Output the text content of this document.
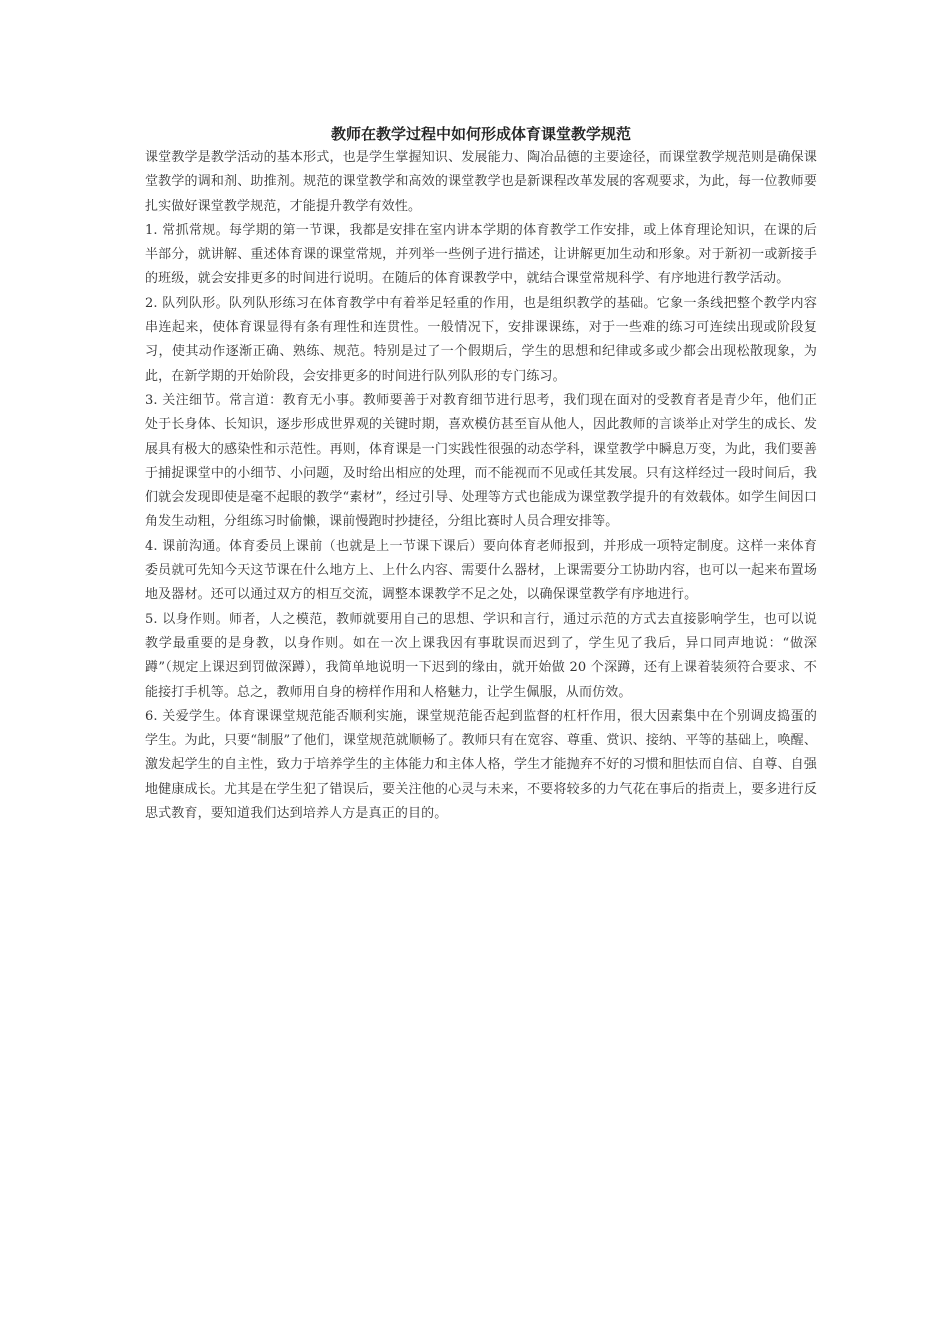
教师在教学过程中如何形成体育课堂教学规范

课堂教学是教学活动的基本形式，也是学生掌握知识、发展能力、陶冶品德的主要途径，而课堂教学规范则是确保课堂教学的调和剂、助推剂。规范的课堂教学和高效的课堂教学也是新课程改革发展的客观要求，为此，每一位教师要扎实做好课堂教学规范，才能提升教学有效性。

1. 常抓常规。每学期的第一节课，我都是安排在室内讲本学期的体育教学工作安排，或上体育理论知识，在课的后半部分，就讲解、重述体育课的课堂常规，并列举一些例子进行描述，让讲解更加生动和形象。对于新初一或新接手的班级，就会安排更多的时间进行说明。在随后的体育课教学中，就结合课堂常规科学、有序地进行教学活动。

2. 队列队形。队列队形练习在体育教学中有着举足轻重的作用，也是组织教学的基础。它象一条线把整个教学内容串连起来，使体育课显得有条有理性和连贯性。一般情况下，安排课课练，对于一些难的练习可连续出现或阶段复习，使其动作逐渐正确、熟练、规范。特别是过了一个假期后，学生的思想和纪律或多或少都会出现松散现象，为此，在新学期的开始阶段，会安排更多的时间进行队列队形的专门练习。

3. 关注细节。常言道：教育无小事。教师要善于对教育细节进行思考，我们现在面对的受教育者是青少年，他们正处于长身体、长知识，逐步形成世界观的关键时期，喜欢模仿甚至盲从他人，因此教师的言谈举止对学生的成长、发展具有极大的感染性和示范性。再则，体育课是一门实践性很强的动态学科，课堂教学中瞬息万变，为此，我们要善于捕捉课堂中的小细节、小问题，及时给出相应的处理，而不能视而不见或任其发展。只有这样经过一段时间后，我们就会发现即使是毫不起眼的教学“素材”，经过引导、处理等方式也能成为课堂教学提升的有效载体。如学生间因口角发生动粗，分组练习时偷懒，课前慢跑时抄捷径，分组比赛时人员合理安排等。

4. 课前沟通。体育委员上课前（也就是上一节课下课后）要向体育老师报到，并形成一项特定制度。这样一来体育委员就可先知今天这节课在什么地方上、上什么内容、需要什么器材，上课需要分工协助内容，也可以一起来布置场地及器材。还可以通过双方的相互交流，调整本课教学不足之处，以确保课堂教学有序地进行。

5. 以身作则。师者，人之模范，教师就要用自己的思想、学识和言行，通过示范的方式去直接影响学生，也可以说教学最重要的是身教，以身作则。如在一次上课我因有事耽误而迟到了，学生见了我后，异口同声地说：“做深蹲”（规定上课迟到罚做深蹲），我简单地说明一下迟到的缘由，就开始做 20 个深蹲，还有上课着装须符合要求、不能接打手机等。总之，教师用自身的榜样作用和人格魅力，让学生佩服，从而仿效。

6. 关爱学生。体育课课堂规范能否顺利实施，课堂规范能否起到监督的杠杆作用，很大因素集中在个别调皮捣蛋的学生。为此，只要“制服”了他们，课堂规范就顺畅了。教师只有在宽容、尊重、赏识、接纳、平等的基础上，唤醒、激发起学生的自主性，致力于培养学生的主体能力和主体人格，学生才能抛弃不好的习惯和胆怯而自信、自尊、自强地健康成长。尤其是在学生犯了错误后，要关注他的心灵与未来，不要将较多的力气花在事后的指责上，要多进行反思式教育，要知道我们达到培养人方是真正的目的。
